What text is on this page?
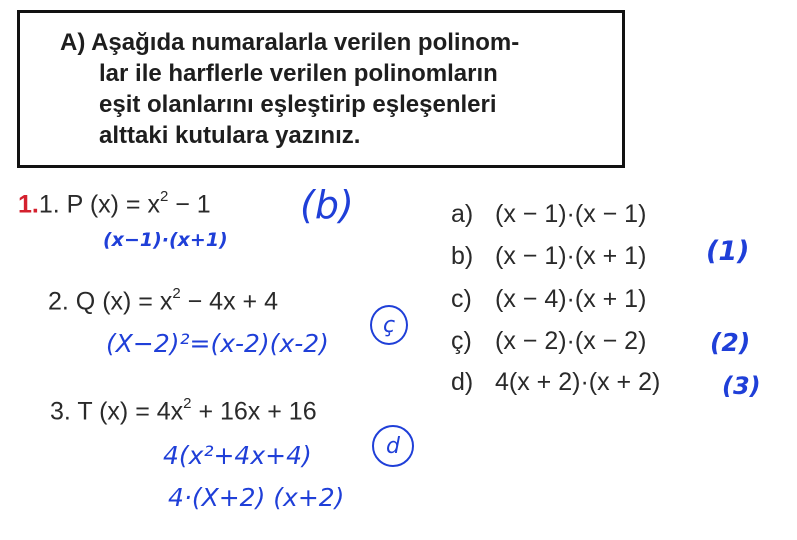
A) Aşağıda numaralarla verilen polinom-
lar ile harflerle verilen polinomların
eşit olanlarını eşleştirip eşleşenleri
alttaki kutulara yazınız.
1.1. P $(x) = x^2 - 1$
(x−1)·(x+1)
(b)
2. Q $(x) = x^2 - 4x + 4$
(X−2)²=(x-2)(x-2)
ç
3. T $(x) = 4x^2 + 16x + 16$
4(x²+4x+4)
4·(X+2) (x+2)
d
a) (x − 1)·(x − 1)
b) (x − 1)·(x + 1) (1)
c) (x − 4)·(x + 1)
ç) (x − 2)·(x − 2)	(2)
d) 4(x + 2)·(x + 2)	(3)
